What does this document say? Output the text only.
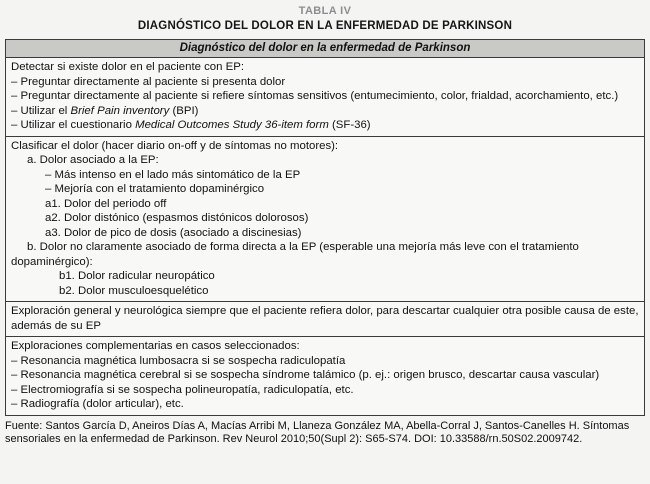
TABLA IV
DIAGNÓSTICO DEL DOLOR EN LA ENFERMEDAD DE PARKINSON
Diagnóstico del dolor en la enfermedad de Parkinson
Detectar si existe dolor en el paciente con EP:
– Preguntar directamente al paciente si presenta dolor
– Preguntar directamente al paciente si refiere síntomas sensitivos (entumecimiento, color, frialdad, acorchamiento, etc.)
– Utilizar el Brief Pain inventory (BPI)
– Utilizar el cuestionario Medical Outcomes Study 36-item form (SF-36)
Clasificar el dolor (hacer diario on-off y de síntomas no motores):
a. Dolor asociado a la EP:
– Más intenso en el lado más sintomático de la EP
– Mejoría con el tratamiento dopaminérgico
a1. Dolor del periodo off
a2. Dolor distónico (espasmos distónicos dolorosos)
a3. Dolor de pico de dosis (asociado a discinesias)
b. Dolor no claramente asociado de forma directa a la EP (esperable una mejoría más leve con el tratamiento dopaminérgico):
b1. Dolor radicular neuropático
b2. Dolor musculoesquelético
Exploración general y neurológica siempre que el paciente refiera dolor, para descartar cualquier otra posible causa de este, además de su EP
Exploraciones complementarias en casos seleccionados:
– Resonancia magnética lumbosacra si se sospecha radiculopatía
– Resonancia magnética cerebral si se sospecha síndrome talámico (p. ej.: origen brusco, descartar causa vascular)
– Electromiografía si se sospecha polineuropatía, radiculopatía, etc.
– Radiografía (dolor articular), etc.
Fuente: Santos García D, Aneiros Días A, Macías Arribi M, Llaneza González MA, Abella-Corral J, Santos-Canelles H. Síntomas sensoriales en la enfermedad de Parkinson. Rev Neurol 2010;50(Supl 2): S65-S74. DOI: 10.33588/rn.50S02.2009742.
